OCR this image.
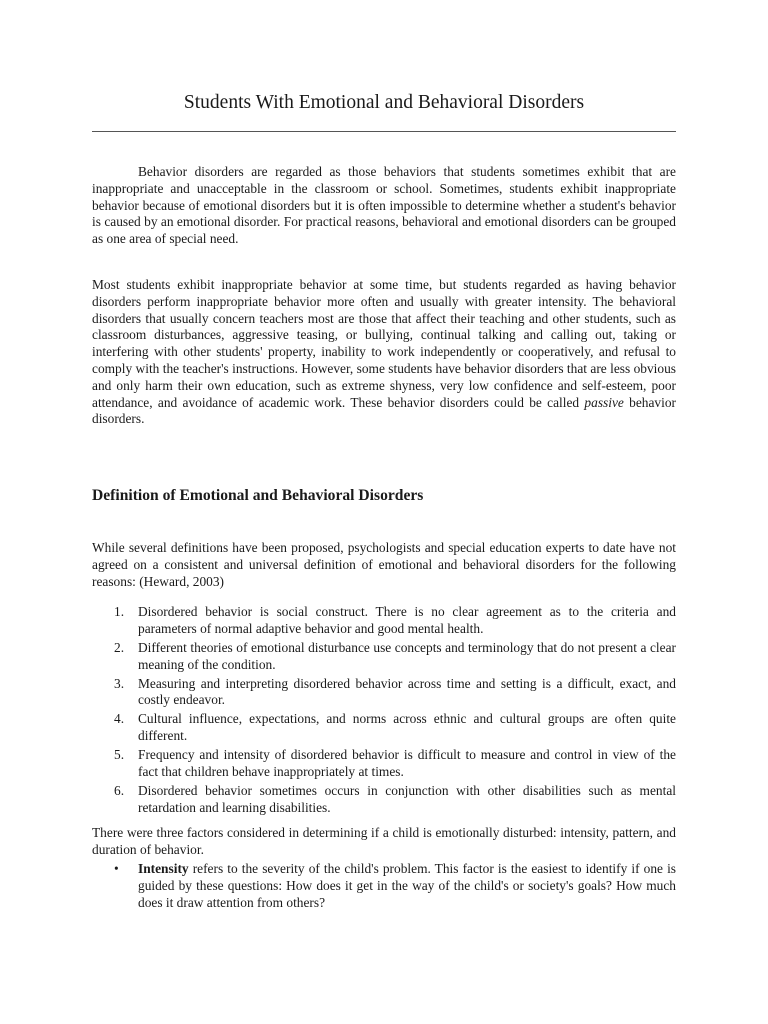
Students With Emotional and Behavioral Disorders

Behavior disorders are regarded as those behaviors that students sometimes exhibit that are inappropriate and unacceptable in the classroom or school. Sometimes, students exhibit inappropriate behavior because of emotional disorders but it is often impossible to determine whether a student's behavior is caused by an emotional disorder. For practical reasons, behavioral and emotional disorders can be grouped as one area of special need.

Most students exhibit inappropriate behavior at some time, but students regarded as having behavior disorders perform inappropriate behavior more often and usually with greater intensity. The behavioral disorders that usually concern teachers most are those that affect their teaching and other students, such as classroom disturbances, aggressive teasing, or bullying, continual talking and calling out, taking or interfering with other students' property, inability to work independently or cooperatively, and refusal to comply with the teacher's instructions. However, some students have behavior disorders that are less obvious and only harm their own education, such as extreme shyness, very low confidence and self-esteem, poor attendance, and avoidance of academic work. These behavior disorders could be called passive behavior disorders.

Definition of Emotional and Behavioral Disorders

While several definitions have been proposed, psychologists and special education experts to date have not agreed on a consistent and universal definition of emotional and behavioral disorders for the following reasons: (Heward, 2003)

1. Disordered behavior is social construct. There is no clear agreement as to the criteria and parameters of normal adaptive behavior and good mental health.
2. Different theories of emotional disturbance use concepts and terminology that do not present a clear meaning of the condition.
3. Measuring and interpreting disordered behavior across time and setting is a difficult, exact, and costly endeavor.
4. Cultural influence, expectations, and norms across ethnic and cultural groups are often quite different.
5. Frequency and intensity of disordered behavior is difficult to measure and control in view of the fact that children behave inappropriately at times.
6. Disordered behavior sometimes occurs in conjunction with other disabilities such as mental retardation and learning disabilities.

There were three factors considered in determining if a child is emotionally disturbed: intensity, pattern, and duration of behavior.

• Intensity refers to the severity of the child's problem. This factor is the easiest to identify if one is guided by these questions: How does it get in the way of the child's or society's goals? How much does it draw attention from others?
